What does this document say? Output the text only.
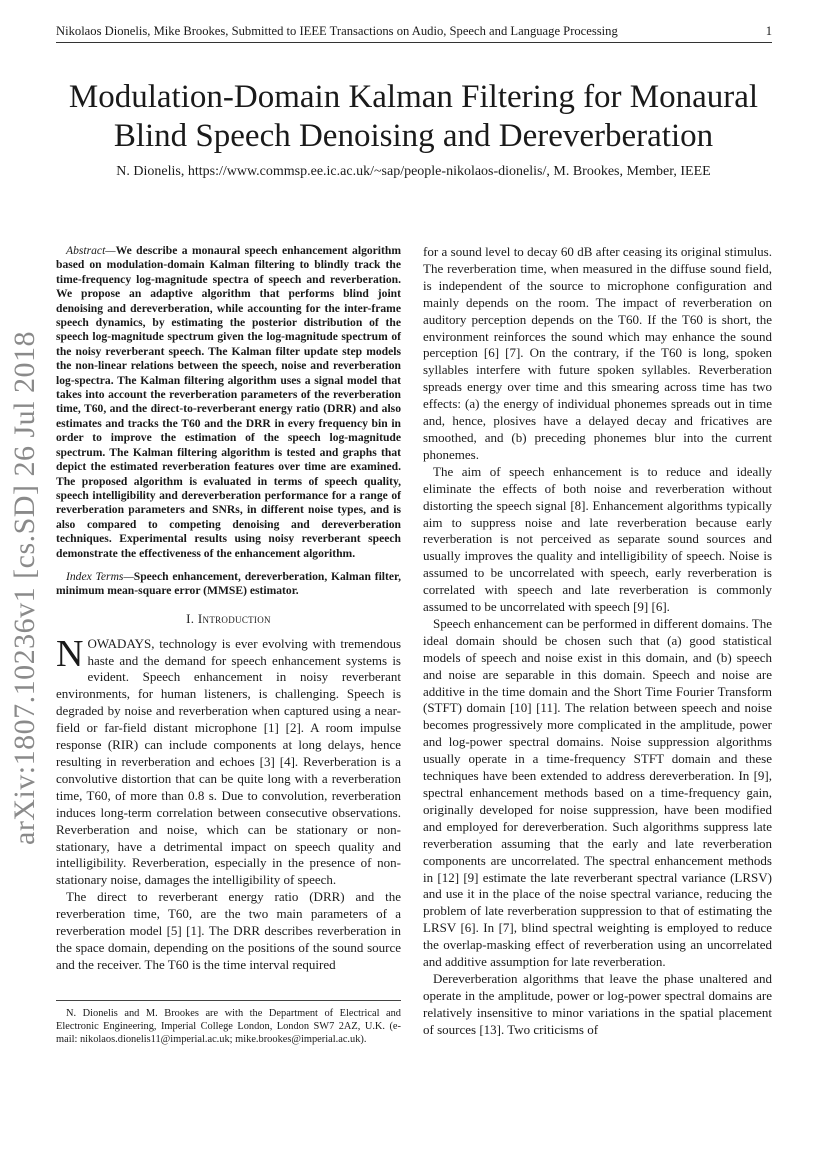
Nikolaos Dionelis, Mike Brookes, Submitted to IEEE Transactions on Audio, Speech and Language Processing	1
Modulation-Domain Kalman Filtering for Monaural Blind Speech Denoising and Dereverberation
N. Dionelis, https://www.commsp.ee.ic.ac.uk/~sap/people-nikolaos-dionelis/, M. Brookes, Member, IEEE
arXiv:1807.10236v1 [cs.SD] 26 Jul 2018

Abstract—We describe a monaural speech enhancement algorithm based on modulation-domain Kalman filtering to blindly track the time-frequency log-magnitude spectra of speech and reverberation. We propose an adaptive algorithm that performs blind joint denoising and dereverberation, while accounting for the inter-frame speech dynamics, by estimating the posterior distribution of the speech log-magnitude spectrum given the log-magnitude spectrum of the noisy reverberant speech. The Kalman filter update step models the non-linear relations between the speech, noise and reverberation log-spectra. The Kalman filtering algorithm uses a signal model that takes into account the reverberation parameters of the reverberation time, T60, and the direct-to-reverberant energy ratio (DRR) and also estimates and tracks the T60 and the DRR in every frequency bin in order to improve the estimation of the speech log-magnitude spectrum. The Kalman filtering algorithm is tested and graphs that depict the estimated reverberation features over time are examined. The proposed algorithm is evaluated in terms of speech quality, speech intelligibility and dereverberation performance for a range of reverberation parameters and SNRs, in different noise types, and is also compared to competing denoising and dereverberation techniques. Experimental results using noisy reverberant speech demonstrate the effectiveness of the enhancement algorithm.

Index Terms—Speech enhancement, dereverberation, Kalman filter, minimum mean-square error (MMSE) estimator.

I. Introduction

NOWADAYS, technology is ever evolving with tremendous haste and the demand for speech enhancement systems is evident. Speech enhancement in noisy reverberant environments, for human listeners, is challenging. Speech is degraded by noise and reverberation when captured using a near-field or far-field distant microphone [1] [2]. A room impulse response (RIR) can include components at long delays, hence resulting in reverberation and echoes [3] [4]. Reverberation is a convolutive distortion that can be quite long with a reverberation time, T60, of more than 0.8 s. Due to convolution, reverberation induces long-term correlation between consecutive observations. Reverberation and noise, which can be stationary or non-stationary, have a detrimental impact on speech quality and intelligibility. Reverberation, especially in the presence of non-stationary noise, damages the intelligibility of speech.

The direct to reverberant energy ratio (DRR) and the reverberation time, T60, are the two main parameters of a reverberation model [5] [1]. The DRR describes reverberation in the space domain, depending on the positions of the sound source and the receiver. The T60 is the time interval required

for a sound level to decay 60 dB after ceasing its original stimulus. The reverberation time, when measured in the diffuse sound field, is independent of the source to microphone configuration and mainly depends on the room. The impact of reverberation on auditory perception depends on the T60. If the T60 is short, the environment reinforces the sound which may enhance the sound perception [6] [7]. On the contrary, if the T60 is long, spoken syllables interfere with future spoken syllables. Reverberation spreads energy over time and this smearing across time has two effects: (a) the energy of individual phonemes spreads out in time and, hence, plosives have a delayed decay and fricatives are smoothed, and (b) preceding phonemes blur into the current phonemes.

The aim of speech enhancement is to reduce and ideally eliminate the effects of both noise and reverberation without distorting the speech signal [8]. Enhancement algorithms typically aim to suppress noise and late reverberation because early reverberation is not perceived as separate sound sources and usually improves the quality and intelligibility of speech. Noise is assumed to be uncorrelated with speech, early reverberation is correlated with speech and late reverberation is commonly assumed to be uncorrelated with speech [9] [6].

Speech enhancement can be performed in different domains. The ideal domain should be chosen such that (a) good statistical models of speech and noise exist in this domain, and (b) speech and noise are separable in this domain. Speech and noise are additive in the time domain and the Short Time Fourier Transform (STFT) domain [10] [11]. The relation between speech and noise becomes progressively more complicated in the amplitude, power and log-power spectral domains. Noise suppression algorithms usually operate in a time-frequency STFT domain and these techniques have been extended to address dereverberation. In [9], spectral enhancement methods based on a time-frequency gain, originally developed for noise suppression, have been modified and employed for dereverberation. Such algorithms suppress late reverberation assuming that the early and late reverberation components are uncorrelated. The spectral enhancement methods in [12] [9] estimate the late reverberant spectral variance (LRSV) and use it in the place of the noise spectral variance, reducing the problem of late reverberation suppression to that of estimating the LRSV [6]. In [7], blind spectral weighting is employed to reduce the overlap-masking effect of reverberation using an uncorrelated and additive assumption for late reverberation.

Dereverberation algorithms that leave the phase unaltered and operate in the amplitude, power or log-power spectral domains are relatively insensitive to minor variations in the spatial placement of sources [13]. Two criticisms of

N. Dionelis and M. Brookes are with the Department of Electrical and Electronic Engineering, Imperial College London, London SW7 2AZ, U.K. (e-mail: nikolaos.dionelis11@imperial.ac.uk; mike.brookes@imperial.ac.uk).
